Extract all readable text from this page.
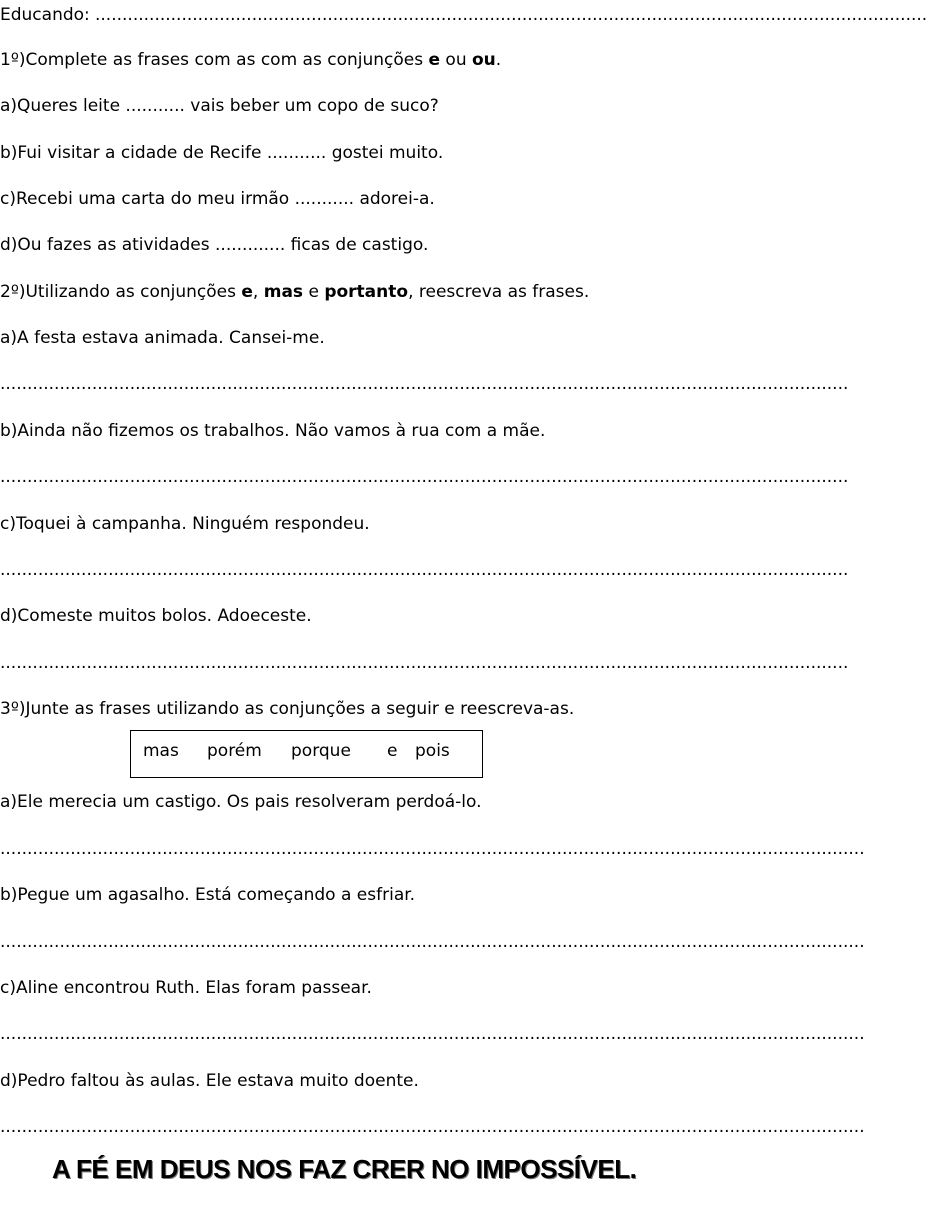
Educando: ..........................................................................................................................................................
1º)Complete as frases com as com as conjunções e ou ou.
a)Queres leite ........... vais beber um copo de suco?
b)Fui visitar a cidade de Recife ........... gostei muito.
c)Recebi uma carta do meu irmão ........... adorei-a.
d)Ou fazes as atividades ............. ficas de castigo.
2º)Utilizando as conjunções e, mas e portanto, reescreva as frases.
a)A festa estava animada. Cansei-me.
.............................................................................................................................................................
b)Ainda não fizemos os trabalhos. Não vamos à rua com a mãe.
.............................................................................................................................................................
c)Toquei à campanha. Ninguém respondeu.
.............................................................................................................................................................
d)Comeste muitos bolos. Adoeceste.
.............................................................................................................................................................
3º)Junte as frases utilizando as conjunções a seguir e reescreva-as.
mas porém porque e pois
a)Ele merecia um castigo. Os pais resolveram perdoá-lo.
................................................................................................................................................................
b)Pegue um agasalho. Está começando a esfriar.
................................................................................................................................................................
c)Aline encontrou Ruth. Elas foram passear.
................................................................................................................................................................
d)Pedro faltou às aulas. Ele estava muito doente.
................................................................................................................................................................
A FÉ EM DEUS NOS FAZ CRER NO IMPOSSÍVEL.
